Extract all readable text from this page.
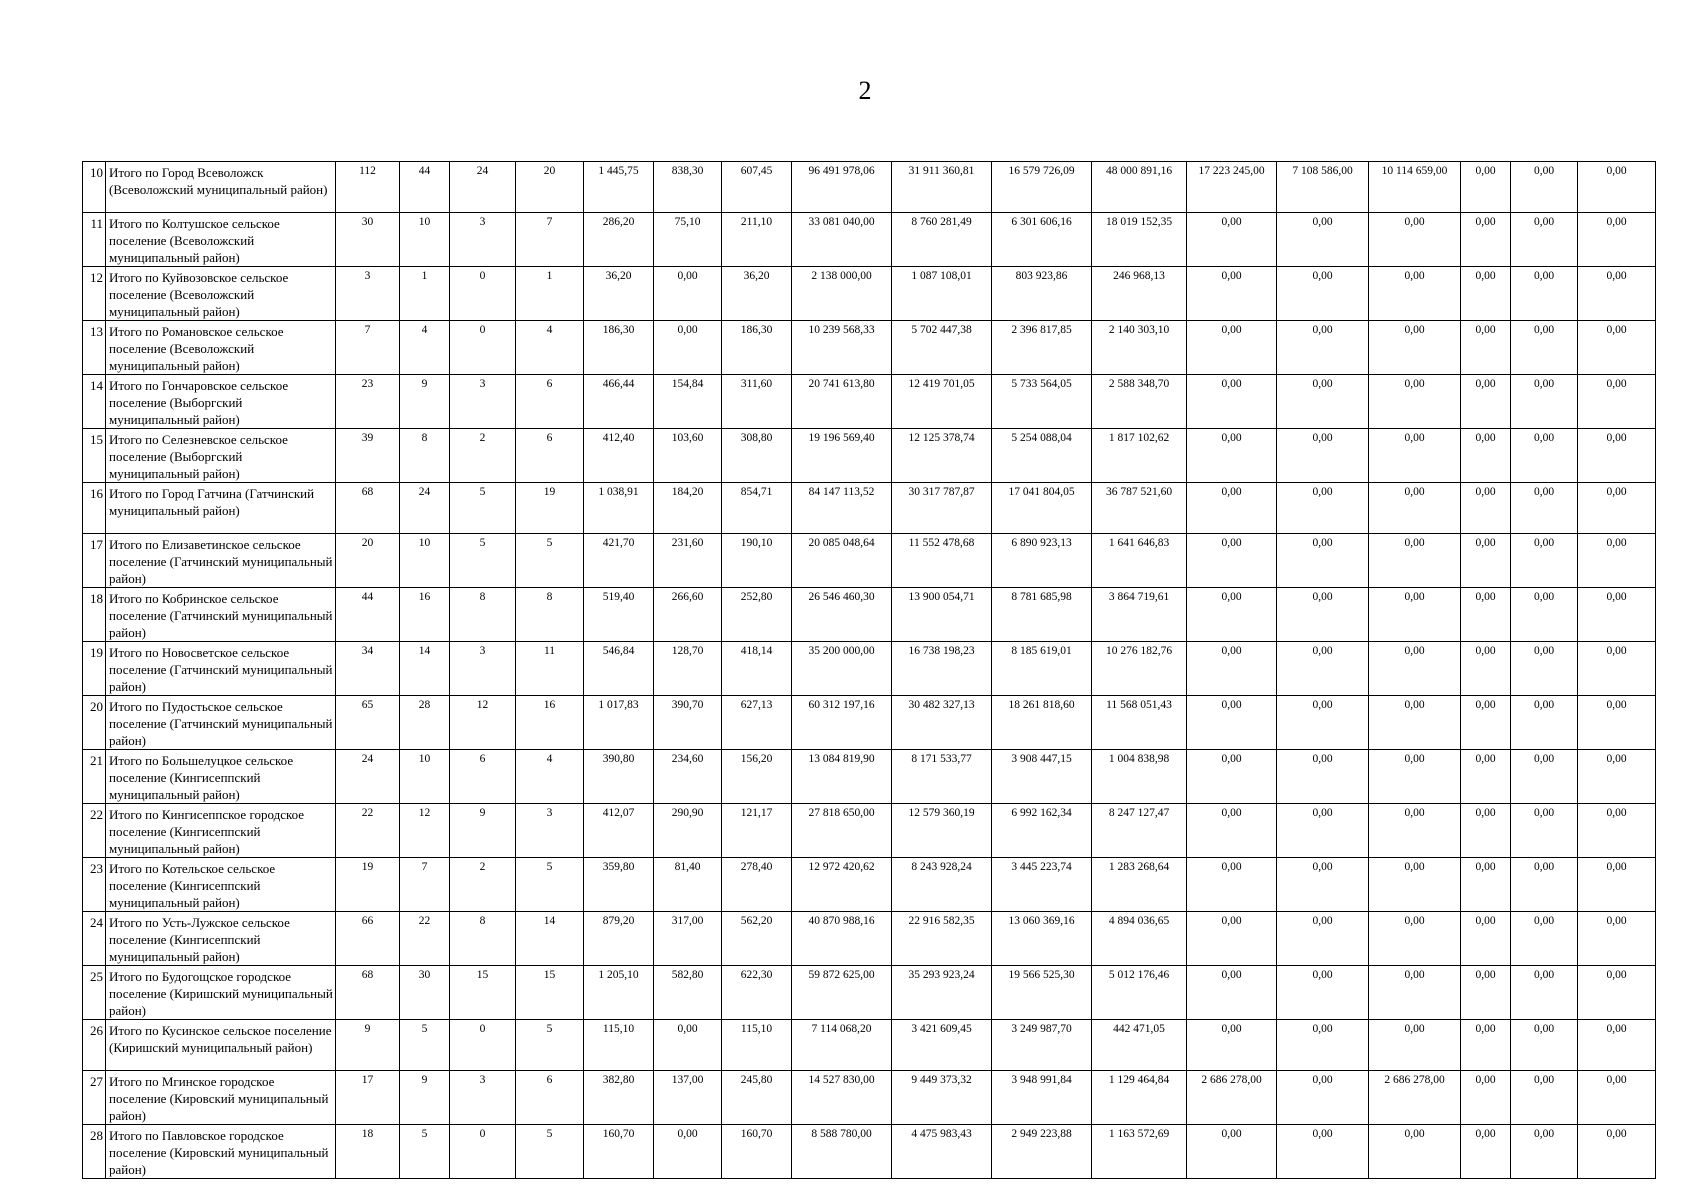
2
10	Итого по Город Всеволожск (Всеволожский муниципальный район)	112	44	24	20	1 445,75	838,30	607,45	96 491 978,06	31 911 360,81	16 579 726,09	48 000 891,16	17 223 245,00	7 108 586,00	10 114 659,00	0,00	0,00	0,00
11	Итого по Колтушское сельское поселение (Всеволожский муниципальный район)	30	10	3	7	286,20	75,10	211,10	33 081 040,00	8 760 281,49	6 301 606,16	18 019 152,35	0,00	0,00	0,00	0,00	0,00	0,00
12	Итого по Куйвозовское сельское поселение (Всеволожский муниципальный район)	3	1	0	1	36,20	0,00	36,20	2 138 000,00	1 087 108,01	803 923,86	246 968,13	0,00	0,00	0,00	0,00	0,00	0,00
13	Итого по Романовское сельское поселение (Всеволожский муниципальный район)	7	4	0	4	186,30	0,00	186,30	10 239 568,33	5 702 447,38	2 396 817,85	2 140 303,10	0,00	0,00	0,00	0,00	0,00	0,00
14	Итого по Гончаровское сельское поселение (Выборгский муниципальный район)	23	9	3	6	466,44	154,84	311,60	20 741 613,80	12 419 701,05	5 733 564,05	2 588 348,70	0,00	0,00	0,00	0,00	0,00	0,00
15	Итого по Селезневское сельское поселение (Выборгский муниципальный район)	39	8	2	6	412,40	103,60	308,80	19 196 569,40	12 125 378,74	5 254 088,04	1 817 102,62	0,00	0,00	0,00	0,00	0,00	0,00
16	Итого по Город Гатчина (Гатчинский муниципальный район)	68	24	5	19	1 038,91	184,20	854,71	84 147 113,52	30 317 787,87	17 041 804,05	36 787 521,60	0,00	0,00	0,00	0,00	0,00	0,00
17	Итого по Елизаветинское сельское поселение (Гатчинский муниципальный район)	20	10	5	5	421,70	231,60	190,10	20 085 048,64	11 552 478,68	6 890 923,13	1 641 646,83	0,00	0,00	0,00	0,00	0,00	0,00
18	Итого по Кобринское сельское поселение (Гатчинский муниципальный район)	44	16	8	8	519,40	266,60	252,80	26 546 460,30	13 900 054,71	8 781 685,98	3 864 719,61	0,00	0,00	0,00	0,00	0,00	0,00
19	Итого по Новосветское сельское поселение (Гатчинский муниципальный район)	34	14	3	11	546,84	128,70	418,14	35 200 000,00	16 738 198,23	8 185 619,01	10 276 182,76	0,00	0,00	0,00	0,00	0,00	0,00
20	Итого по Пудостьское сельское поселение (Гатчинский муниципальный район)	65	28	12	16	1 017,83	390,70	627,13	60 312 197,16	30 482 327,13	18 261 818,60	11 568 051,43	0,00	0,00	0,00	0,00	0,00	0,00
21	Итого по Большелуцкое сельское поселение (Кингисеппский муниципальный район)	24	10	6	4	390,80	234,60	156,20	13 084 819,90	8 171 533,77	3 908 447,15	1 004 838,98	0,00	0,00	0,00	0,00	0,00	0,00
22	Итого по Кингисеппское городское поселение (Кингисеппский муниципальный район)	22	12	9	3	412,07	290,90	121,17	27 818 650,00	12 579 360,19	6 992 162,34	8 247 127,47	0,00	0,00	0,00	0,00	0,00	0,00
23	Итого по Котельское сельское поселение (Кингисеппский муниципальный район)	19	7	2	5	359,80	81,40	278,40	12 972 420,62	8 243 928,24	3 445 223,74	1 283 268,64	0,00	0,00	0,00	0,00	0,00	0,00
24	Итого по Усть-Лужское сельское поселение (Кингисеппский муниципальный район)	66	22	8	14	879,20	317,00	562,20	40 870 988,16	22 916 582,35	13 060 369,16	4 894 036,65	0,00	0,00	0,00	0,00	0,00	0,00
25	Итого по Будогощское городское поселение (Киришский муниципальный район)	68	30	15	15	1 205,10	582,80	622,30	59 872 625,00	35 293 923,24	19 566 525,30	5 012 176,46	0,00	0,00	0,00	0,00	0,00	0,00
26	Итого по Кусинское сельское поселение (Киришский муниципальный район)	9	5	0	5	115,10	0,00	115,10	7 114 068,20	3 421 609,45	3 249 987,70	442 471,05	0,00	0,00	0,00	0,00	0,00	0,00
27	Итого по Мгинское городское поселение (Кировский муниципальный район)	17	9	3	6	382,80	137,00	245,80	14 527 830,00	9 449 373,32	3 948 991,84	1 129 464,84	2 686 278,00	0,00	2 686 278,00	0,00	0,00	0,00
28	Итого по Павловское городское поселение (Кировский муниципальный район)	18	5	0	5	160,70	0,00	160,70	8 588 780,00	4 475 983,43	2 949 223,88	1 163 572,69	0,00	0,00	0,00	0,00	0,00	0,00
